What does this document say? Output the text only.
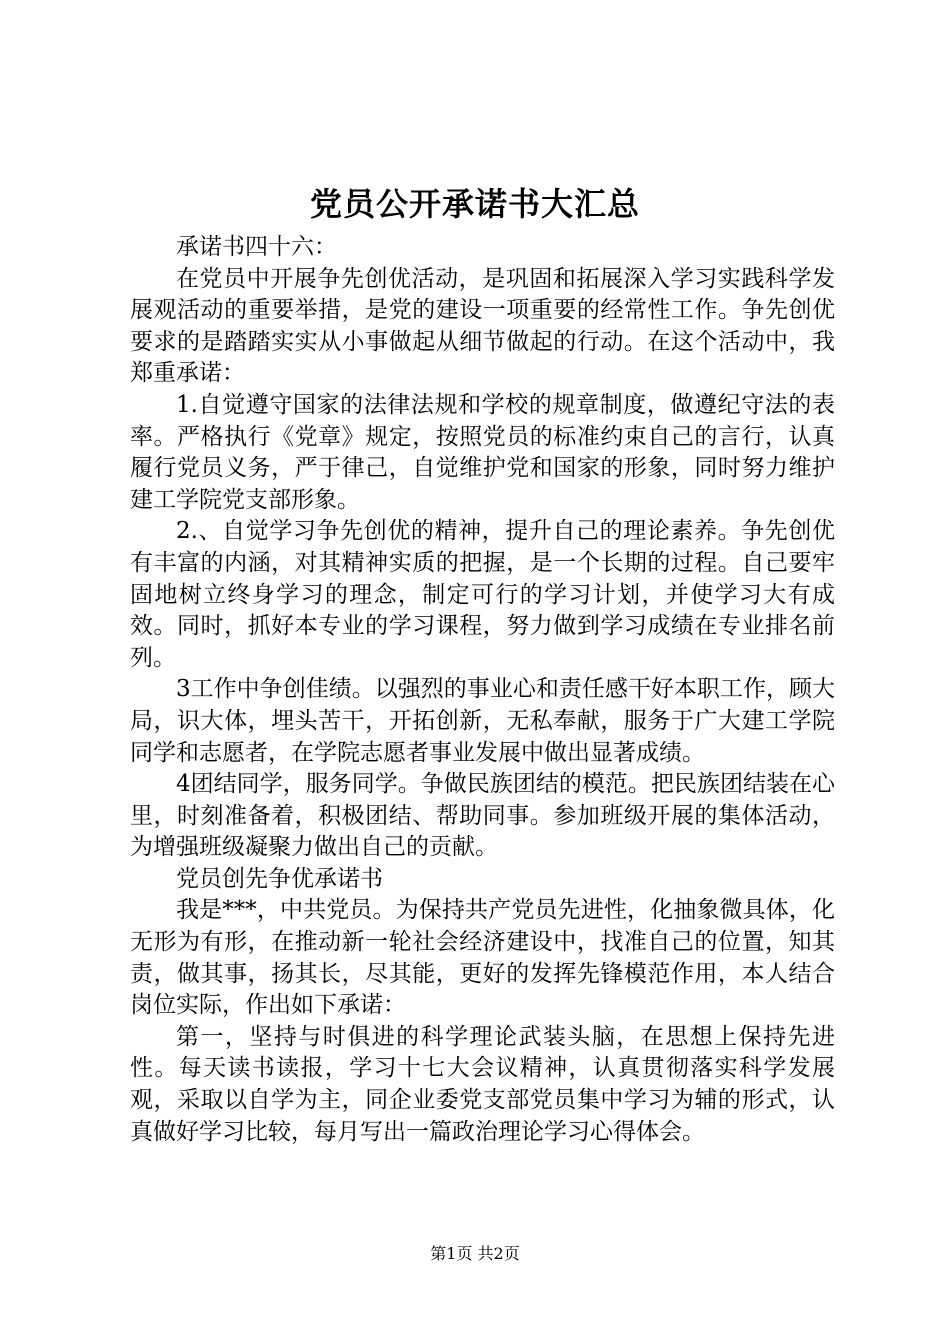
党员公开承诺书大汇总

承诺书四十六：

在党员中开展争先创优活动，是巩固和拓展深入学习实践科学发展观活动的重要举措，是党的建设一项重要的经常性工作。争先创优要求的是踏踏实实从小事做起从细节做起的行动。在这个活动中，我郑重承诺：

1.自觉遵守国家的法律法规和学校的规章制度，做遵纪守法的表率。严格执行《党章》规定，按照党员的标准约束自己的言行，认真履行党员义务，严于律己，自觉维护党和国家的形象，同时努力维护建工学院党支部形象。

2.、自觉学习争先创优的精神，提升自己的理论素养。争先创优有丰富的内涵，对其精神实质的把握，是一个长期的过程。自己要牢固地树立终身学习的理念，制定可行的学习计划，并使学习大有成效。同时，抓好本专业的学习课程，努力做到学习成绩在专业排名前列。

3工作中争创佳绩。以强烈的事业心和责任感干好本职工作，顾大局，识大体，埋头苦干，开拓创新，无私奉献，服务于广大建工学院同学和志愿者，在学院志愿者事业发展中做出显著成绩。

4团结同学，服务同学。争做民族团结的模范。把民族团结装在心里，时刻准备着，积极团结、帮助同事。参加班级开展的集体活动，为增强班级凝聚力做出自己的贡献。

党员创先争优承诺书

我是***，中共党员。为保持共产党员先进性，化抽象微具体，化无形为有形，在推动新一轮社会经济建设中，找准自己的位置，知其责，做其事，扬其长，尽其能，更好的发挥先锋模范作用，本人结合岗位实际，作出如下承诺：

第一，坚持与时俱进的科学理论武装头脑，在思想上保持先进性。每天读书读报，学习十七大会议精神，认真贯彻落实科学发展观，采取以自学为主，同企业委党支部党员集中学习为辅的形式，认真做好学习比较，每月写出一篇政治理论学习心得体会。

第1页 共2页
